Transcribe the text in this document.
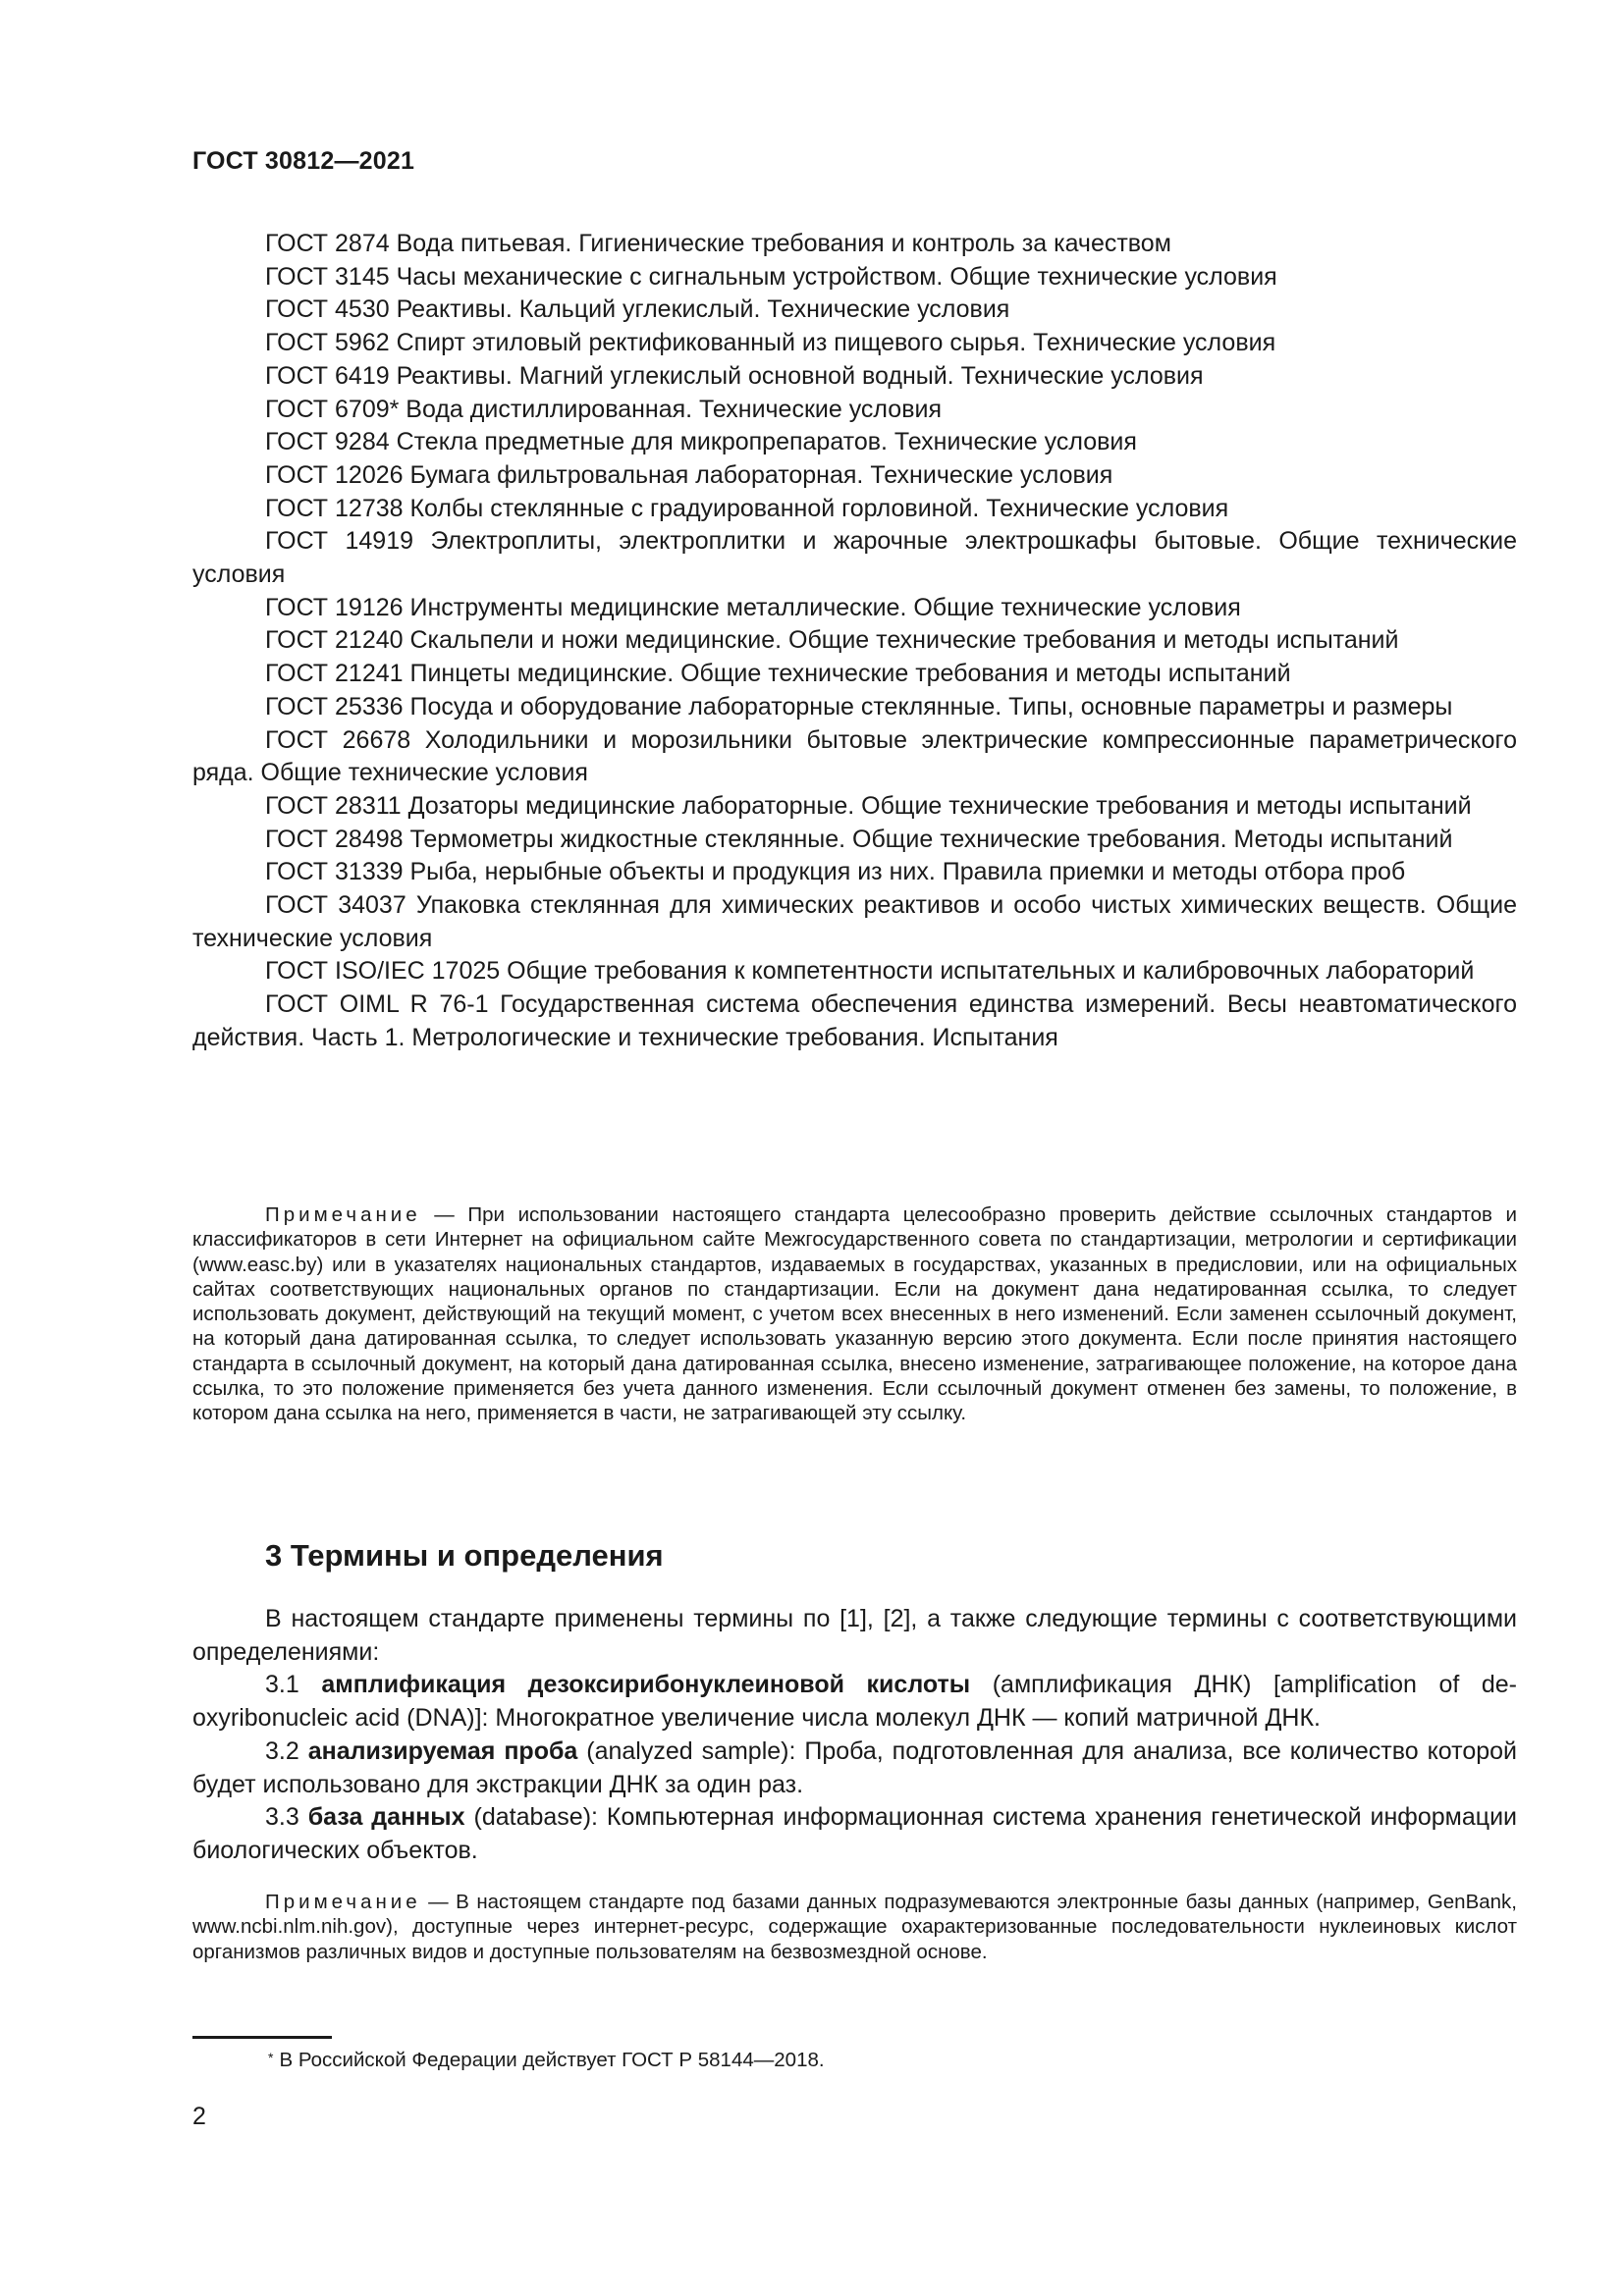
ГОСТ 30812—2021

ГОСТ 2874 Вода питьевая. Гигиенические требования и контроль за качеством

ГОСТ 3145 Часы механические с сигнальным устройством. Общие технические условия

ГОСТ 4530 Реактивы. Кальций углекислый. Технические условия

ГОСТ 5962 Спирт этиловый ректификованный из пищевого сырья. Технические условия

ГОСТ 6419 Реактивы. Магний углекислый основной водный. Технические условия

ГОСТ 6709* Вода дистиллированная. Технические условия

ГОСТ 9284 Стекла предметные для микропрепаратов. Технические условия

ГОСТ 12026 Бумага фильтровальная лабораторная. Технические условия

ГОСТ 12738 Колбы стеклянные с градуированной горловиной. Технические условия

ГОСТ 14919 Электроплиты, электроплитки и жарочные электрошкафы бытовые. Общие технические условия

ГОСТ 19126 Инструменты медицинские металлические. Общие технические условия

ГОСТ 21240 Скальпели и ножи медицинские. Общие технические требования и методы испытаний

ГОСТ 21241 Пинцеты медицинские. Общие технические требования и методы испытаний

ГОСТ 25336 Посуда и оборудование лабораторные стеклянные. Типы, основные параметры и размеры

ГОСТ 26678 Холодильники и морозильники бытовые электрические компрессионные параметрического ряда. Общие технические условия

ГОСТ 28311 Дозаторы медицинские лабораторные. Общие технические требования и методы испытаний

ГОСТ 28498 Термометры жидкостные стеклянные. Общие технические требования. Методы испытаний

ГОСТ 31339 Рыба, нерыбные объекты и продукция из них. Правила приемки и методы отбора проб

ГОСТ 34037 Упаковка стеклянная для химических реактивов и особо чистых химических веществ. Общие технические условия

ГОСТ ISO/IEC 17025 Общие требования к компетентности испытательных и калибровочных лабораторий

ГОСТ OIML R 76-1 Государственная система обеспечения единства измерений. Весы неавтоматического действия. Часть 1. Метрологические и технические требования. Испытания

Примечание — При использовании настоящего стандарта целесообразно проверить действие ссылочных стандартов и классификаторов в сети Интернет на официальном сайте Межгосударственного совета по стандартизации, метрологии и сертификации (www.easc.by) или в указателях национальных стандартов, издаваемых в государствах, указанных в предисловии, или на официальных сайтах соответствующих национальных органов по стандартизации. Если на документ дана недатированная ссылка, то следует использовать документ, действующий на текущий момент, с учетом всех внесенных в него изменений. Если заменен ссылочный документ, на который дана датированная ссылка, то следует использовать указанную версию этого документа. Если после принятия настоящего стандарта в ссылочный документ, на который дана датированная ссылка, внесено изменение, затрагивающее положение, на которое дана ссылка, то это положение применяется без учета данного изменения. Если ссылочный документ отменен без замены, то положение, в котором дана ссылка на него, применяется в части, не затрагивающей эту ссылку.

3 Термины и определения

В настоящем стандарте применены термины по [1], [2], а также следующие термины с соответствующими определениями:

3.1 амплификация дезоксирибонуклеиновой кислоты (амплификация ДНК) [amplification of deoxyribonucleic acid (DNA)]: Многократное увеличение числа молекул ДНК — копий матричной ДНК.

3.2 анализируемая проба (analyzed sample): Проба, подготовленная для анализа, все количество которой будет использовано для экстракции ДНК за один раз.

3.3 база данных (database): Компьютерная информационная система хранения генетической информации биологических объектов.

Примечание — В настоящем стандарте под базами данных подразумеваются электронные базы данных (например, GenBank, www.ncbi.nlm.nih.gov), доступные через интернет-ресурс, содержащие охарактеризованные последовательности нуклеиновых кислот организмов различных видов и доступные пользователям на безвозмездной основе.

* В Российской Федерации действует ГОСТ Р 58144—2018.
2
